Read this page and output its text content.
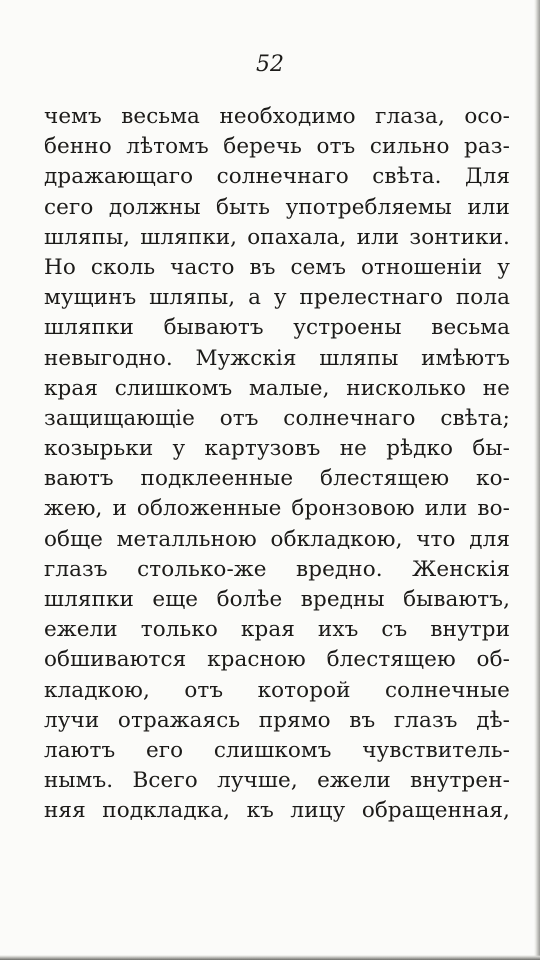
52
чемъ весьма необходимо глаза, осо-
бенно лѣтомъ беречь отъ сильно раз-
дражающаго солнечнаго свѣта. Для
сего должны быть употребляемы или
шляпы, шляпки, опахала, или зонтики.
Но сколь часто въ семъ отношенiи у
мущинъ шляпы, а у прелестнаго пола
шляпки бываютъ устроены весьма
невыгодно. Мужскія шляпы имѣютъ
края слишкомъ малые, нисколько не
защищающіе отъ солнечнаго свѣта;
козырьки у картузовъ не рѣдко бы-
ваютъ подклеенные блестящею ко-
жею, и обложенные бронзовою или во-
обще металльною обкладкою, что для
глазъ столько-же вредно. Женскія
шляпки еще болѣе вредны бываютъ,
ежели только края ихъ съ внутри
обшиваются красною блестящею об-
кладкою, отъ которой солнечные
лучи отражаясь прямо въ глазъ дѣ-
лаютъ его слишкомъ чувствитель-
нымъ. Всего лучше, ежели внутрен-
няя подкладка, къ лицу обращенная,
